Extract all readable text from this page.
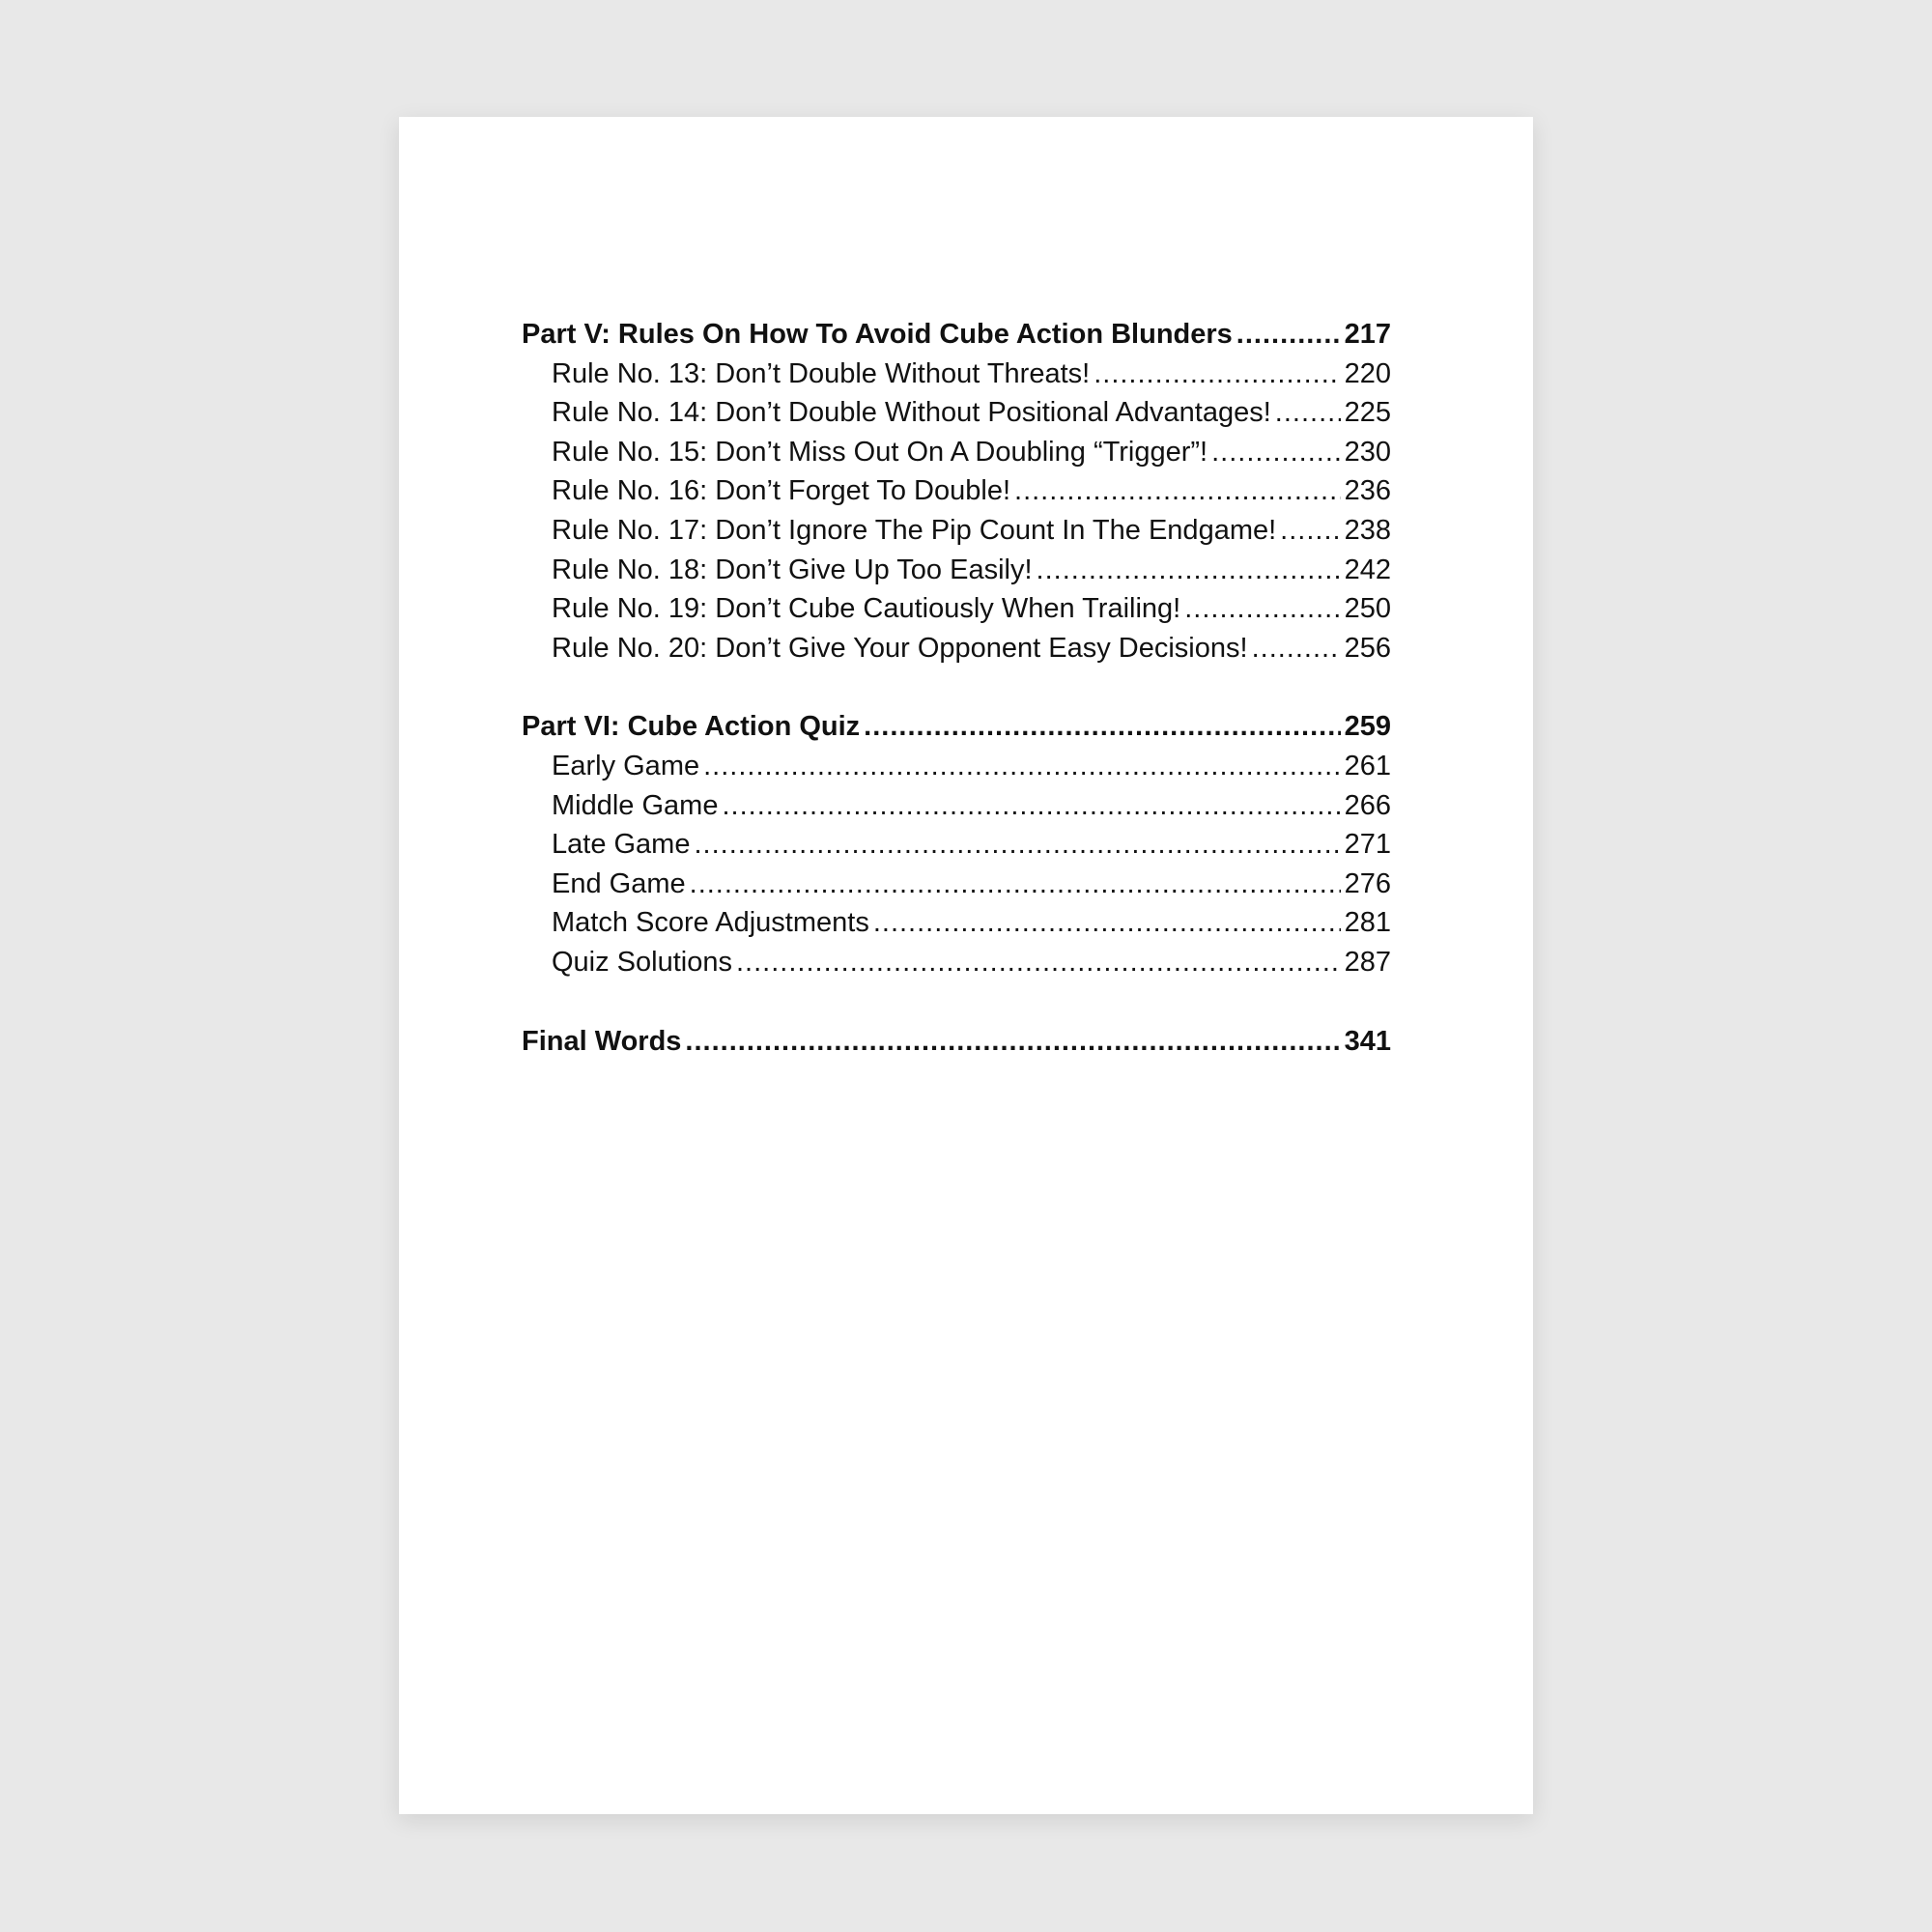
Part V: Rules On How To Avoid Cube Action Blunders .....	217
Rule No. 13: Don’t Double Without Threats! .....	220
Rule No. 14: Don’t Double Without Positional Advantages! .....	225
Rule No. 15: Don’t Miss Out On A Doubling “Trigger”! .....	230
Rule No. 16: Don’t Forget To Double! .....	236
Rule No. 17: Don’t Ignore The Pip Count In The Endgame! ..... 238
Rule No. 18: Don’t Give Up Too Easily! .....	242
Rule No. 19: Don’t Cube Cautiously When Trailing! .....	250
Rule No. 20: Don’t Give Your Opponent Easy Decisions! .....	256
Part VI: Cube Action Quiz .....	259
Early Game .....	261
Middle Game .....	266
Late Game .....	271
End Game .....	276
Match Score Adjustments .....	281
Quiz Solutions .....	287
Final Words .....	341
